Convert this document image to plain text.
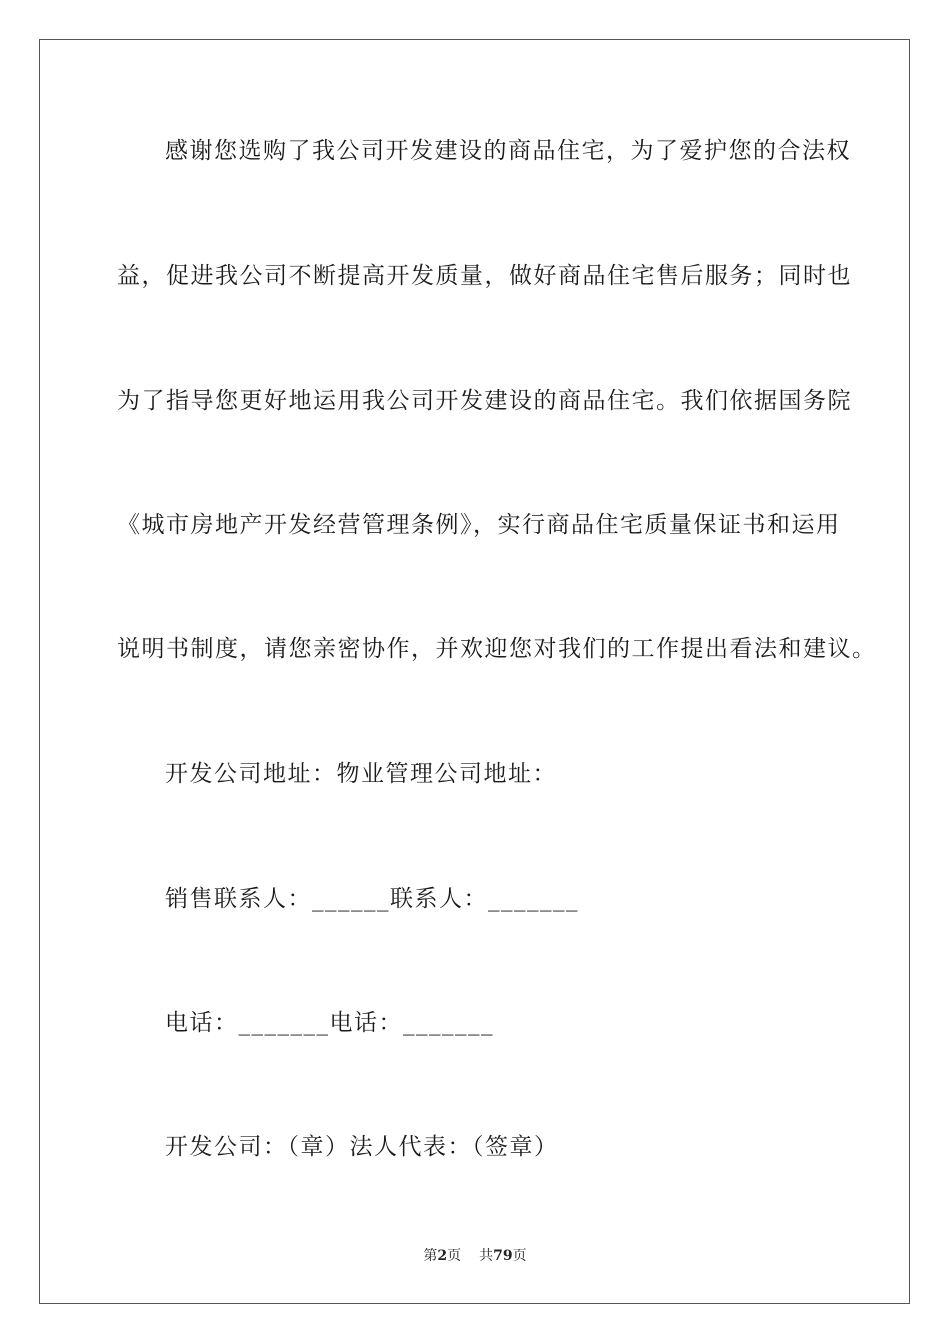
感谢您选购了我公司开发建设的商品住宅，为了爱护您的合法权
益，促进我公司不断提高开发质量，做好商品住宅售后服务；同时也
为了指导您更好地运用我公司开发建设的商品住宅。我们依据国务院
《城市房地产开发经营管理条例》，实行商品住宅质量保证书和运用
说明书制度，请您亲密协作，并欢迎您对我们的工作提出看法和建议。
开发公司地址：物业管理公司地址：
销售联系人：______联系人：_______
电话：_______电话：_______
开发公司：（章）法人代表：（签章）
第2页 共79页
